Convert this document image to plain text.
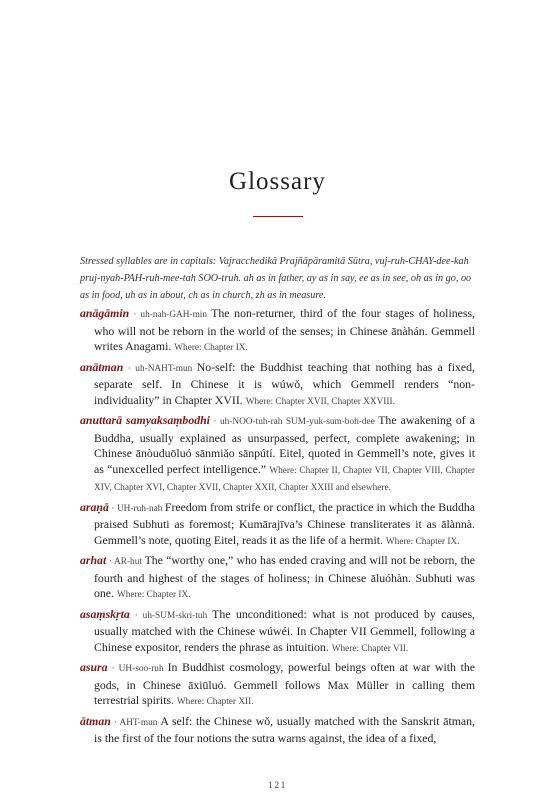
Glossary

Stressed syllables are in capitals: Vajracchedikā Prajñāpāramitā Sūtra, vuj-ruh-CHAY-dee-kah pruj-nyah-PAH-ruh-mee-tah SOO-truh. ah as in father, ay as in say, ee as in see, oh as in go, oo as in food, uh as in about, ch as in church, zh as in measure.

anāgāmin · uh-nah-GAH-min The non-returner, third of the four stages of holiness, who will not be reborn in the world of the senses; in Chinese ānàhán. Gemmell writes Anagami. Where: Chapter IX.

anātman · uh-NAHT-mun No-self: the Buddhist teaching that nothing has a fixed, separate self. In Chinese it is wúwǒ, which Gemmell renders “non-individuality” in Chapter XVII. Where: Chapter XVII, Chapter XXVIII.

anuttarā samyaksaṃbodhi · uh-NOO-tuh-rah SUM-yuk-sum-boh-dee The awakening of a Buddha, usually explained as unsurpassed, perfect, complete awakening; in Chinese ānòuduōluó sānmiǎo sānpútí. Eitel, quoted in Gemmell’s note, gives it as “unexcelled perfect intelligence.” Where: Chapter II, Chapter VII, Chapter VIII, Chapter XIV, Chapter XVI, Chapter XVII, Chapter XXII, Chapter XXIII and elsewhere.

araṇā · UH-ruh-nah Freedom from strife or conflict, the practice in which the Buddha praised Subhuti as foremost; Kumārajīva’s Chinese transliterates it as ālànnà. Gemmell’s note, quoting Eitel, reads it as the life of a hermit. Where: Chapter IX.

arhat · AR-hut The “worthy one,” who has ended craving and will not be reborn, the fourth and highest of the stages of holiness; in Chinese āluóhàn. Subhuti was one. Where: Chapter IX.

asaṃskṛta · uh-SUM-skri-tuh The unconditioned: what is not produced by causes, usually matched with the Chinese wúwéi. In Chapter VII Gemmell, following a Chinese expositor, renders the phrase as intuition. Where: Chapter VII.

asura · UH-soo-ruh In Buddhist cosmology, powerful beings often at war with the gods, in Chinese āxiūluó. Gemmell follows Max Müller in calling them terrestrial spirits. Where: Chapter XII.

ātman · AHT-mun A self: the Chinese wǒ, usually matched with the Sanskrit ātman, is the first of the four notions the sutra warns against, the idea of a fixed,

121
